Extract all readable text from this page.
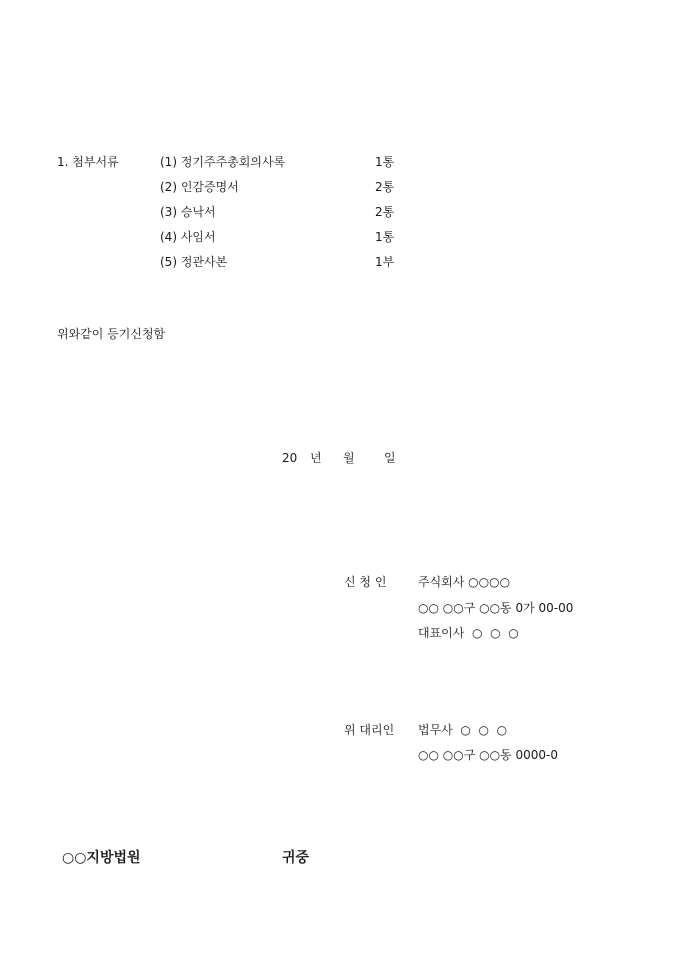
1. 첨부서류	(1) 정기주주총회의사록	1통
(2) 인감증명서	2통
(3) 승낙서	2통
(4) 사임서	1통
(5) 정관사본	1부
위와같이 등기신청함
20 년 월 일
신 청 인	주식회사 ○○○○
○○ ○○구 ○○동 0가 00-00
대표이사  ○  ○  ○
위 대리인 법무사  ○  ○  ○
○○ ○○구 ○○동 0000-0
○○지방법원	귀중
